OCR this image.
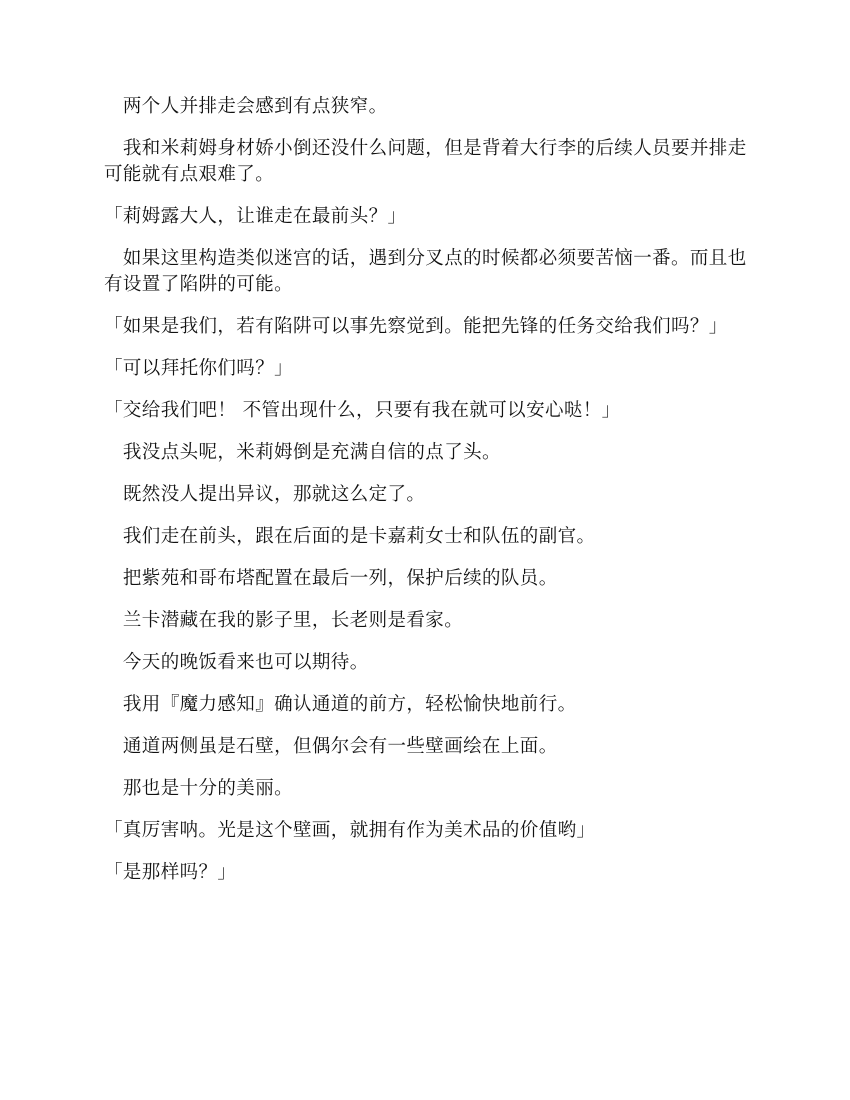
　两个人并排走会感到有点狭窄。

　我和米莉姆身材娇小倒还没什么问题，但是背着大行李的后续人员要并排走可能就有点艰难了。

「莉姆露大人，让谁走在最前头？」

　如果这里构造类似迷宫的话，遇到分叉点的时候都必须要苦恼一番。而且也有设置了陷阱的可能。

「如果是我们，若有陷阱可以事先察觉到。能把先锋的任务交给我们吗？」

「可以拜托你们吗？」

「交给我们吧！ 不管出现什么，只要有我在就可以安心哒！」

　我没点头呢，米莉姆倒是充满自信的点了头。

　既然没人提出异议，那就这么定了。

　我们走在前头，跟在后面的是卡嘉莉女士和队伍的副官。

　把紫苑和哥布塔配置在最后一列，保护后续的队员。

　兰卡潜藏在我的影子里，长老则是看家。

　今天的晚饭看来也可以期待。

　我用『魔力感知』确认通道的前方，轻松愉快地前行。

　通道两侧虽是石壁，但偶尔会有一些壁画绘在上面。

　那也是十分的美丽。

「真厉害呐。光是这个壁画，就拥有作为美术品的价值哟」

「是那样吗？」
